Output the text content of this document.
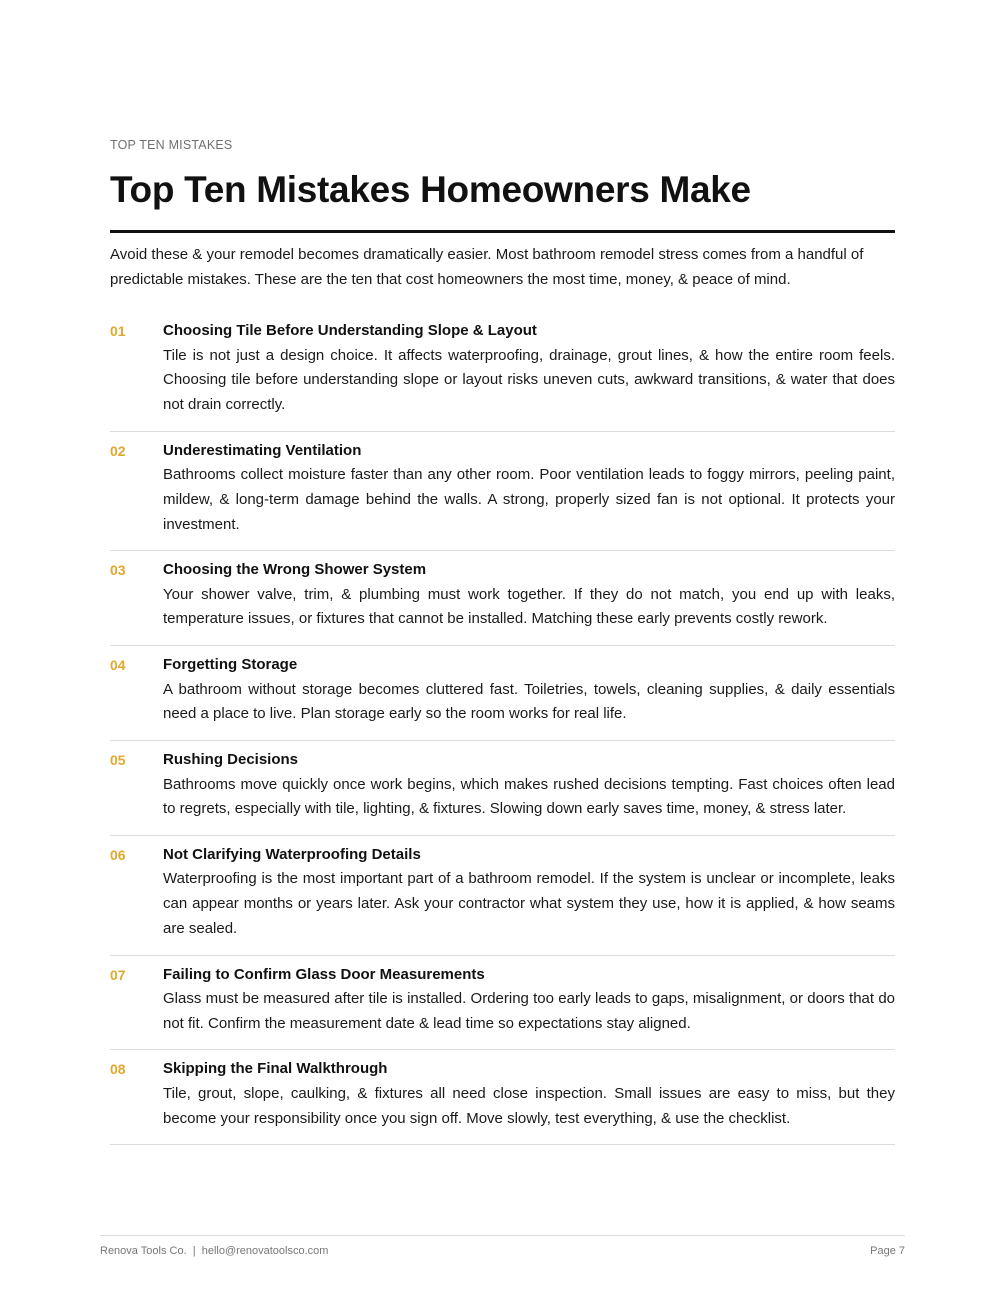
TOP TEN MISTAKES
Top Ten Mistakes Homeowners Make

Avoid these & your remodel becomes dramatically easier. Most bathroom remodel stress comes from a handful of predictable mistakes. These are the ten that cost homeowners the most time, money, & peace of mind.

01 Choosing Tile Before Understanding Slope & Layout

Tile is not just a design choice. It affects waterproofing, drainage, grout lines, & how the entire room feels. Choosing tile before understanding slope or layout risks uneven cuts, awkward transitions, & water that does not drain correctly.

02 Underestimating Ventilation

Bathrooms collect moisture faster than any other room. Poor ventilation leads to foggy mirrors, peeling paint, mildew, & long-term damage behind the walls. A strong, properly sized fan is not optional. It protects your investment.

03 Choosing the Wrong Shower System

Your shower valve, trim, & plumbing must work together. If they do not match, you end up with leaks, temperature issues, or fixtures that cannot be installed. Matching these early prevents costly rework.

04 Forgetting Storage

A bathroom without storage becomes cluttered fast. Toiletries, towels, cleaning supplies, & daily essentials need a place to live. Plan storage early so the room works for real life.

05 Rushing Decisions

Bathrooms move quickly once work begins, which makes rushed decisions tempting. Fast choices often lead to regrets, especially with tile, lighting, & fixtures. Slowing down early saves time, money, & stress later.

06 Not Clarifying Waterproofing Details

Waterproofing is the most important part of a bathroom remodel. If the system is unclear or incomplete, leaks can appear months or years later. Ask your contractor what system they use, how it is applied, & how seams are sealed.

07 Failing to Confirm Glass Door Measurements

Glass must be measured after tile is installed. Ordering too early leads to gaps, misalignment, or doors that do not fit. Confirm the measurement date & lead time so expectations stay aligned.

08 Skipping the Final Walkthrough

Tile, grout, slope, caulking, & fixtures all need close inspection. Small issues are easy to miss, but they become your responsibility once you sign off. Move slowly, test everything, & use the checklist.

Renova Tools Co.  |  hello@renovatoolsco.com	Page 7
